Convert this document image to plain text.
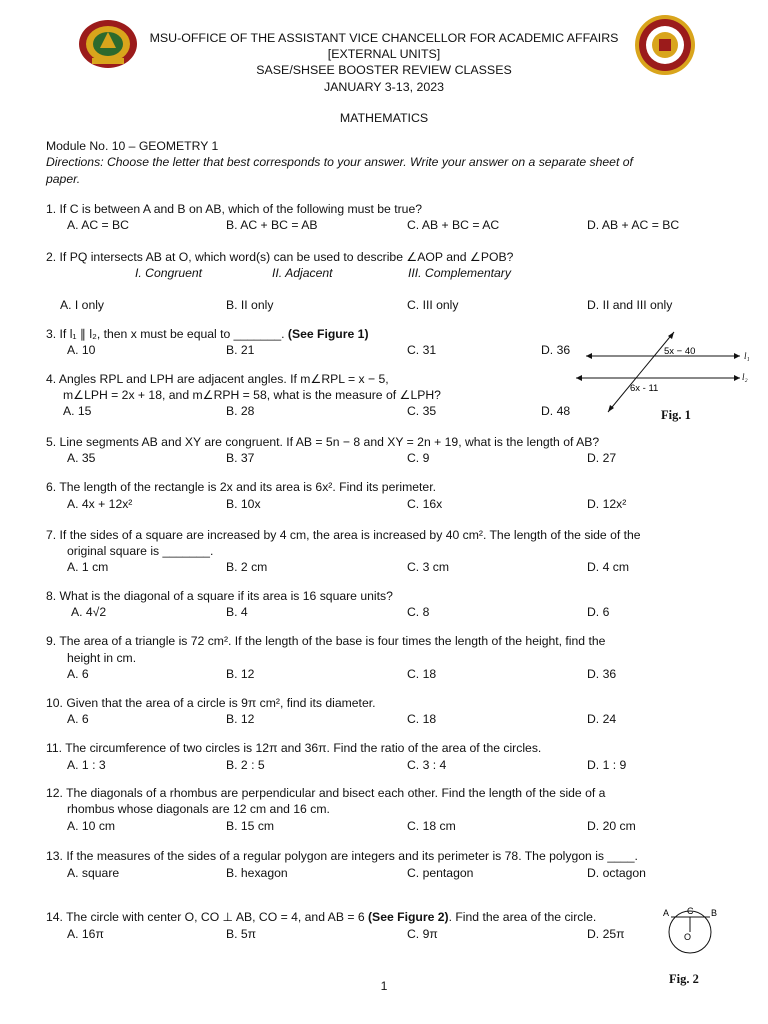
MSU-OFFICE OF THE ASSISTANT VICE CHANCELLOR FOR ACADEMIC AFFAIRS
[EXTERNAL UNITS]
SASE/SHSEE BOOSTER REVIEW CLASSES
JANUARY 3-13, 2023
MATHEMATICS
Module No. 10 – GEOMETRY 1
Directions: Choose the letter that best corresponds to your answer. Write your answer on a separate sheet of
paper.
1. If C is between A and B on AB, which of the following must be true?
A. AC = BC	B. AC + BC = AB	C. AB + BC = AC	D. AB + AC = BC
2. If PQ intersects AB at O, which word(s) can be used to describe ∠AOP and ∠POB?
I. Congruent	II. Adjacent	III. Complementary
A. I only	B. II only	C. III only	D. II and III only
3. If l₁ ∥ l₂, then x must be equal to _______. (See Figure 1)
A. 10	B. 21	C. 31	D. 36
4. Angles RPL and LPH are adjacent angles. If m∠RPL = x − 5,
m∠LPH = 2x + 18, and m∠RPH = 58, what is the measure of ∠LPH?
A. 15	B. 28	C. 35	D. 48
5. Line segments AB and XY are congruent. If AB = 5n − 8 and XY = 2n + 19, what is the length of AB?
A. 35	B. 37	C. 9	D. 27
6. The length of the rectangle is 2x and its area is 6x². Find its perimeter.
A. 4x + 12x²	B. 10x	C. 16x	D. 12x²
7. If the sides of a square are increased by 4 cm, the area is increased by 40 cm². The length of the side of the
original square is _______.
A. 1 cm	B. 2 cm	C. 3 cm	D. 4 cm
8. What is the diagonal of a square if its area is 16 square units?
A. 4√2	B. 4	C. 8	D. 6
9. The area of a triangle is 72 cm². If the length of the base is four times the length of the height, find the
height in cm.
A. 6	B. 12	C. 18	D. 36
10. Given that the area of a circle is 9π cm², find its diameter.
A. 6	B. 12	C. 18	D. 24
11. The circumference of two circles is 12π and 36π. Find the ratio of the area of the circles.
A. 1 : 3	B. 2 : 5	C. 3 : 4	D. 1 : 9
12. The diagonals of a rhombus are perpendicular and bisect each other. Find the length of the side of a
rhombus whose diagonals are 12 cm and 16 cm.
A. 10 cm	B. 15 cm	C. 18 cm	D. 20 cm
13. If the measures of the sides of a regular polygon are integers and its perimeter is 78. The polygon is ____.
A. square	B. hexagon	C. pentagon	D. octagon
14. The circle with center O, CO ⊥ AB, CO = 4, and AB = 6 (See Figure 2). Find the area of the circle.
A. 16π	B. 5π	C. 9π	D. 25π
5x − 40
6x - 11
l₁
l₂
Fig. 1
A C B
O
Fig. 2
1
